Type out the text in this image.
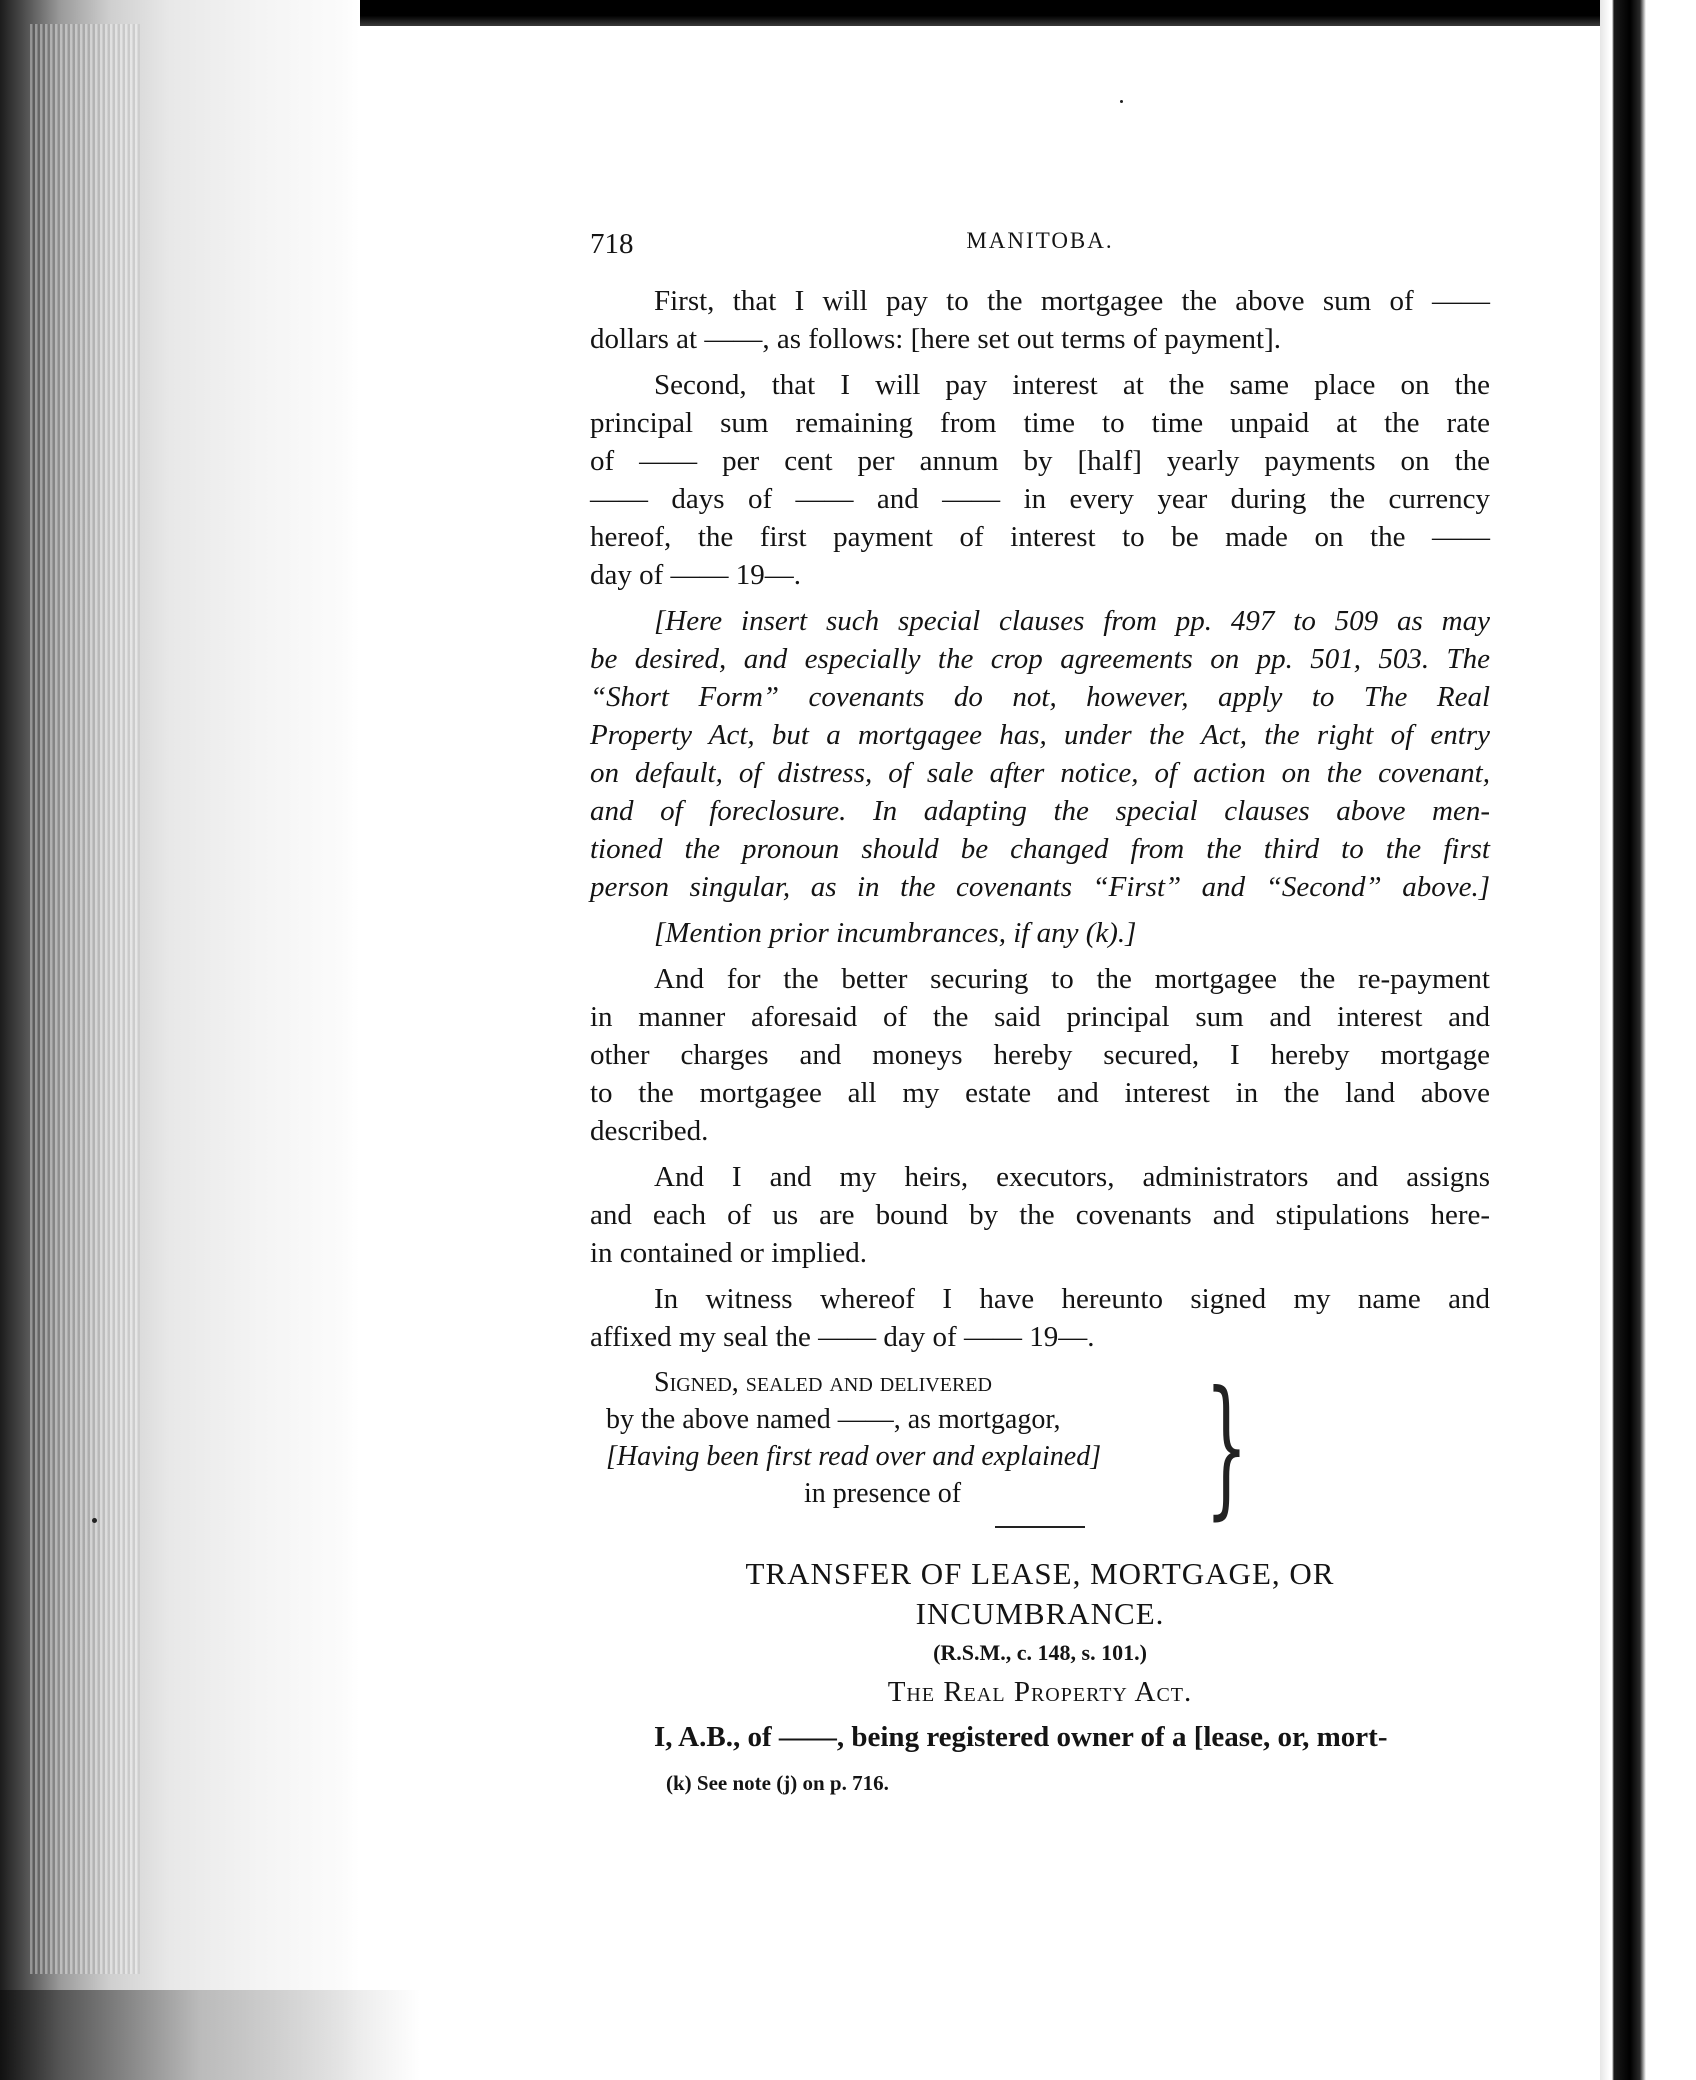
718	MANITOBA.
First, that I will pay to the mortgagee the above sum of ——
dollars at ——, as follows: [here set out terms of payment].
Second, that I will pay interest at the same place on the
principal sum remaining from time to time unpaid at the rate
of —— per cent per annum by [half] yearly payments on the
—— days of —— and —— in every year during the currency
hereof, the first payment of interest to be made on the ——
day of —— 19—.
[Here insert such special clauses from pp. 497 to 509 as may
be desired, and especially the crop agreements on pp. 501, 503. The
“Short Form” covenants do not, however, apply to The Real
Property Act, but a mortgagee has, under the Act, the right of entry
on default, of distress, of sale after notice, of action on the covenant,
and of foreclosure. In adapting the special clauses above men-
tioned the pronoun should be changed from the third to the first
person singular, as in the covenants “First” and “Second” above.]
[Mention prior incumbrances, if any (k).]
And for the better securing to the mortgagee the re-payment
in manner aforesaid of the said principal sum and interest and
other charges and moneys hereby secured, I hereby mortgage
to the mortgagee all my estate and interest in the land above
described.
And I and my heirs, executors, administrators and assigns
and each of us are bound by the covenants and stipulations here-
in contained or implied.
In witness whereof I have hereunto signed my name and
affixed my seal the —— day of —— 19—.
Signed, sealed and delivered
by the above named ——, as mortgagor,
[Having been first read over and explained]
in presence of }
TRANSFER OF LEASE, MORTGAGE, OR
INCUMBRANCE.
(R.S.M., c. 148, s. 101.)
The Real Property Act.
I, A.B., of ——, being registered owner of a [lease, or, mort-
(k) See note (j) on p. 716.
